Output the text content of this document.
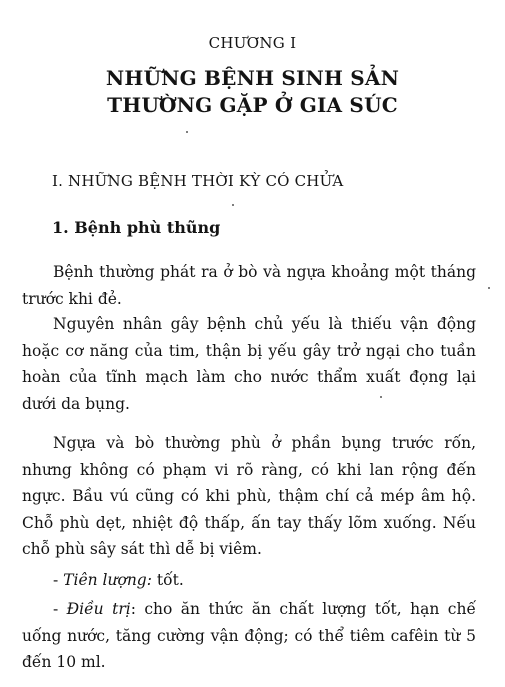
CHƯƠNG I
NHỮNG BỆNH SINH SẢN
THƯỜNG GẶP Ở GIA SÚC
I. NHỮNG BỆNH THỜI KỲ CÓ CHỬA
1. Bệnh phù thũng

Bệnh thường phát ra ở bò và ngựa khoảng một tháng trước khi đẻ.

Nguyên nhân gây bệnh chủ yếu là thiếu vận động hoặc cơ năng của tim, thận bị yếu gây trở ngại cho tuần hoàn của tĩnh mạch làm cho nước thẩm xuất đọng lại dưới da bụng.

Ngựa và bò thường phù ở phần bụng trước rốn, nhưng không có phạm vi rõ ràng, có khi lan rộng đến ngực. Bầu vú cũng có khi phù, thậm chí cả mép âm hộ. Chỗ phù dẹt, nhiệt độ thấp, ấn tay thấy lõm xuống. Nếu chỗ phù sây sát thì dễ bị viêm.

- Tiên lượng: tốt.

- Điều trị: cho ăn thức ăn chất lượng tốt, hạn chế uống nước, tăng cường vận động; có thể tiêm cafêin từ 5 đến 10 ml.
